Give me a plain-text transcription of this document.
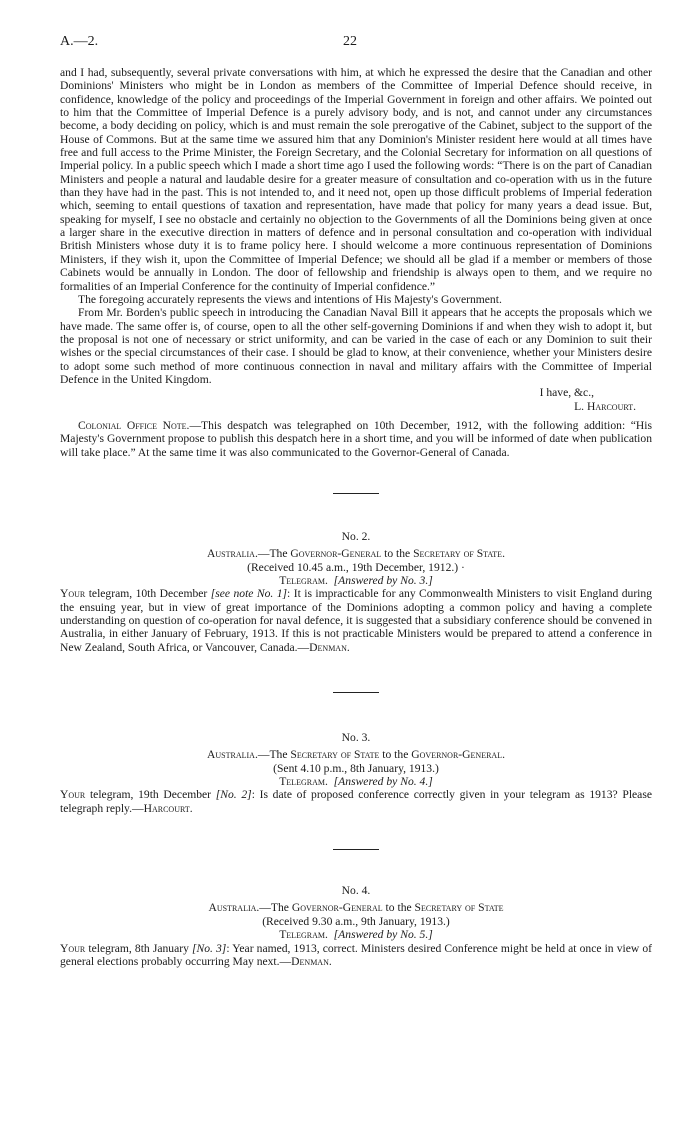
A.—2.	22

and I had, subsequently, several private conversations with him, at which he expressed the desire that the Canadian and other Dominions' Ministers who might be in London as members of the Committee of Imperial Defence should receive, in confidence, knowledge of the policy and proceedings of the Imperial Government in foreign and other affairs. We pointed out to him that the Committee of Imperial Defence is a purely advisory body, and is not, and cannot under any circumstances become, a body deciding on policy, which is and must remain the sole prerogative of the Cabinet, subject to the support of the House of Commons. But at the same time we assured him that any Dominion's Minister resident here would at all times have free and full access to the Prime Minister, the Foreign Secretary, and the Colonial Secretary for information on all questions of Imperial policy. In a public speech which I made a short time ago I used the following words: “There is on the part of Canadian Ministers and people a natural and laudable desire for a greater measure of consultation and co-operation with us in the future than they have had in the past. This is not intended to, and it need not, open up those difficult problems of Imperial federation which, seeming to entail questions of taxation and representation, have made that policy for many years a dead issue. But, speaking for myself, I see no obstacle and certainly no objection to the Governments of all the Dominions being given at once a larger share in the executive direction in matters of defence and in personal consultation and co-operation with individual British Ministers whose duty it is to frame policy here. I should welcome a more continuous representation of Dominions Ministers, if they wish it, upon the Committee of Imperial Defence; we should all be glad if a member or members of those Cabinets would be annually in London. The door of fellowship and friendship is always open to them, and we require no formalities of an Imperial Conference for the continuity of Imperial confidence.”

The foregoing accurately represents the views and intentions of His Majesty's Government.

From Mr. Borden's public speech in introducing the Canadian Naval Bill it appears that he accepts the proposals which we have made. The same offer is, of course, open to all the other self-governing Dominions if and when they wish to adopt it, but the proposal is not one of necessary or strict uniformity, and can be varied in the case of each or any Dominion to suit their wishes or the special circumstances of their case. I should be glad to know, at their convenience, whether your Ministers desire to adopt some such method of more continuous connection in naval and military affairs with the Committee of Imperial Defence in the United Kingdom.

I have, &c.,
L. Harcourt.

Colonial Office Note.—This despatch was telegraphed on 10th December, 1912, with the following addition: “His Majesty's Government propose to publish this despatch here in a short time, and you will be informed of date when publication will take place.” At the same time it was also communicated to the Governor-General of Canada.

No. 2.
Australia.—The Governor-General to the Secretary of State.
(Received 10.45 a.m., 19th December, 1912.) ·
Telegram. [Answered by No. 3.]

Your telegram, 10th December [see note No. 1]: It is impracticable for any Commonwealth Ministers to visit England during the ensuing year, but in view of great importance of the Dominions adopting a common policy and having a complete understanding on question of co-operation for naval defence, it is suggested that a subsidiary conference should be convened in Australia, in either January of February, 1913. If this is not practicable Ministers would be prepared to attend a conference in New Zealand, South Africa, or Vancouver, Canada.—Denman.

No. 3.
Australia.—The Secretary of State to the Governor-General.
(Sent 4.10 p.m., 8th January, 1913.)
Telegram. [Answered by No. 4.]

Your telegram, 19th December [No. 2]: Is date of proposed conference correctly given in your telegram as 1913? Please telegraph reply.—Harcourt.

No. 4.
Australia.—The Governor-General to the Secretary of State
(Received 9.30 a.m., 9th January, 1913.)
Telegram. [Answered by No. 5.]

Your telegram, 8th January [No. 3]: Year named, 1913, correct. Ministers desired Conference might be held at once in view of general elections probably occurring May next.—Denman.
